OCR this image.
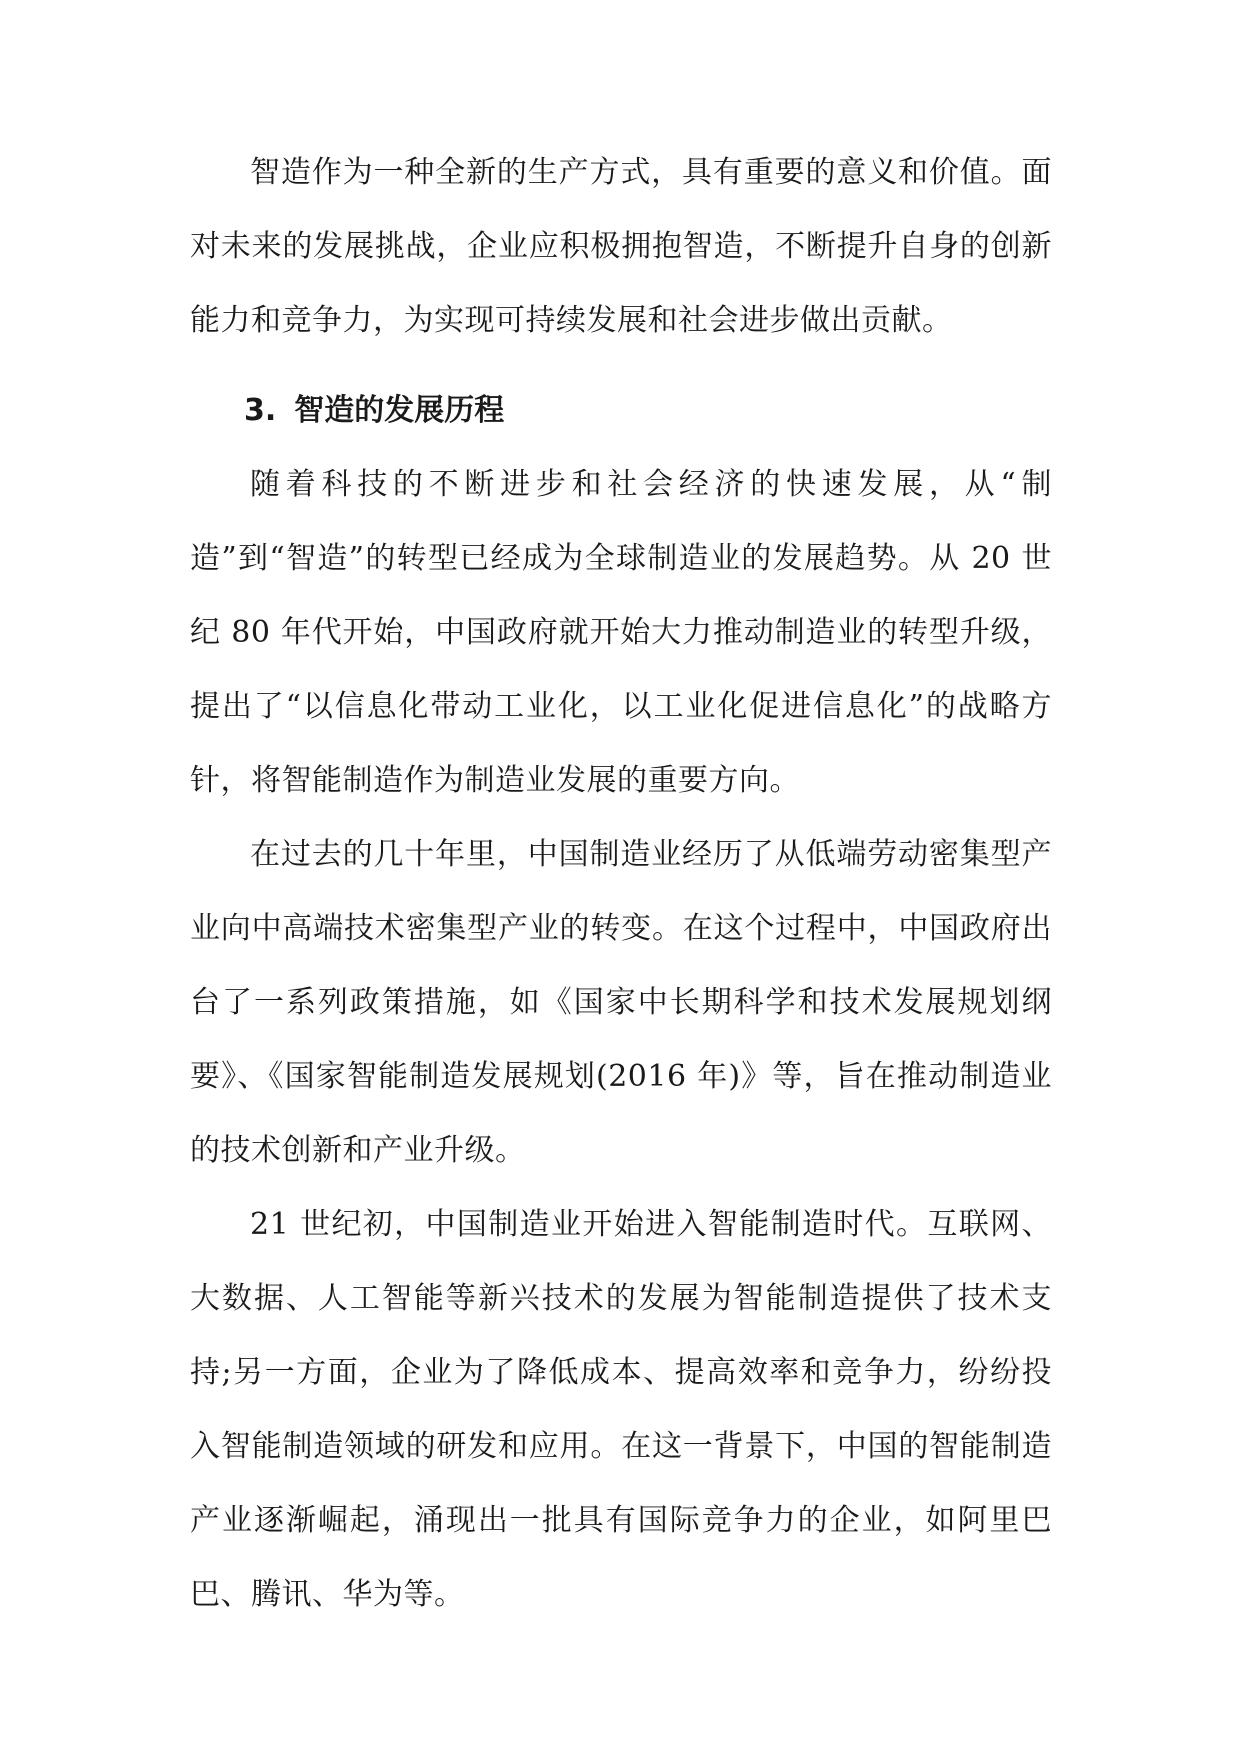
智造作为一种全新的生产方式，具有重要的意义和价值。面对未来的发展挑战，企业应积极拥抱智造，不断提升自身的创新能力和竞争力，为实现可持续发展和社会进步做出贡献。

3. 智造的发展历程

随着科技的不断进步和社会经济的快速发展，从“制造”到“智造”的转型已经成为全球制造业的发展趋势。从 20 世纪 80 年代开始，中国政府就开始大力推动制造业的转型升级，提出了“以信息化带动工业化，以工业化促进信息化”的战略方针，将智能制造作为制造业发展的重要方向。

在过去的几十年里，中国制造业经历了从低端劳动密集型产业向中高端技术密集型产业的转变。在这个过程中，中国政府出台了一系列政策措施，如《国家中长期科学和技术发展规划纲要》、《国家智能制造发展规划(2016 年)》等，旨在推动制造业的技术创新和产业升级。

21 世纪初，中国制造业开始进入智能制造时代。互联网、大数据、人工智能等新兴技术的发展为智能制造提供了技术支持;另一方面，企业为了降低成本、提高效率和竞争力，纷纷投入智能制造领域的研发和应用。在这一背景下，中国的智能制造产业逐渐崛起，涌现出一批具有国际竞争力的企业，如阿里巴巴、腾讯、华为等。
